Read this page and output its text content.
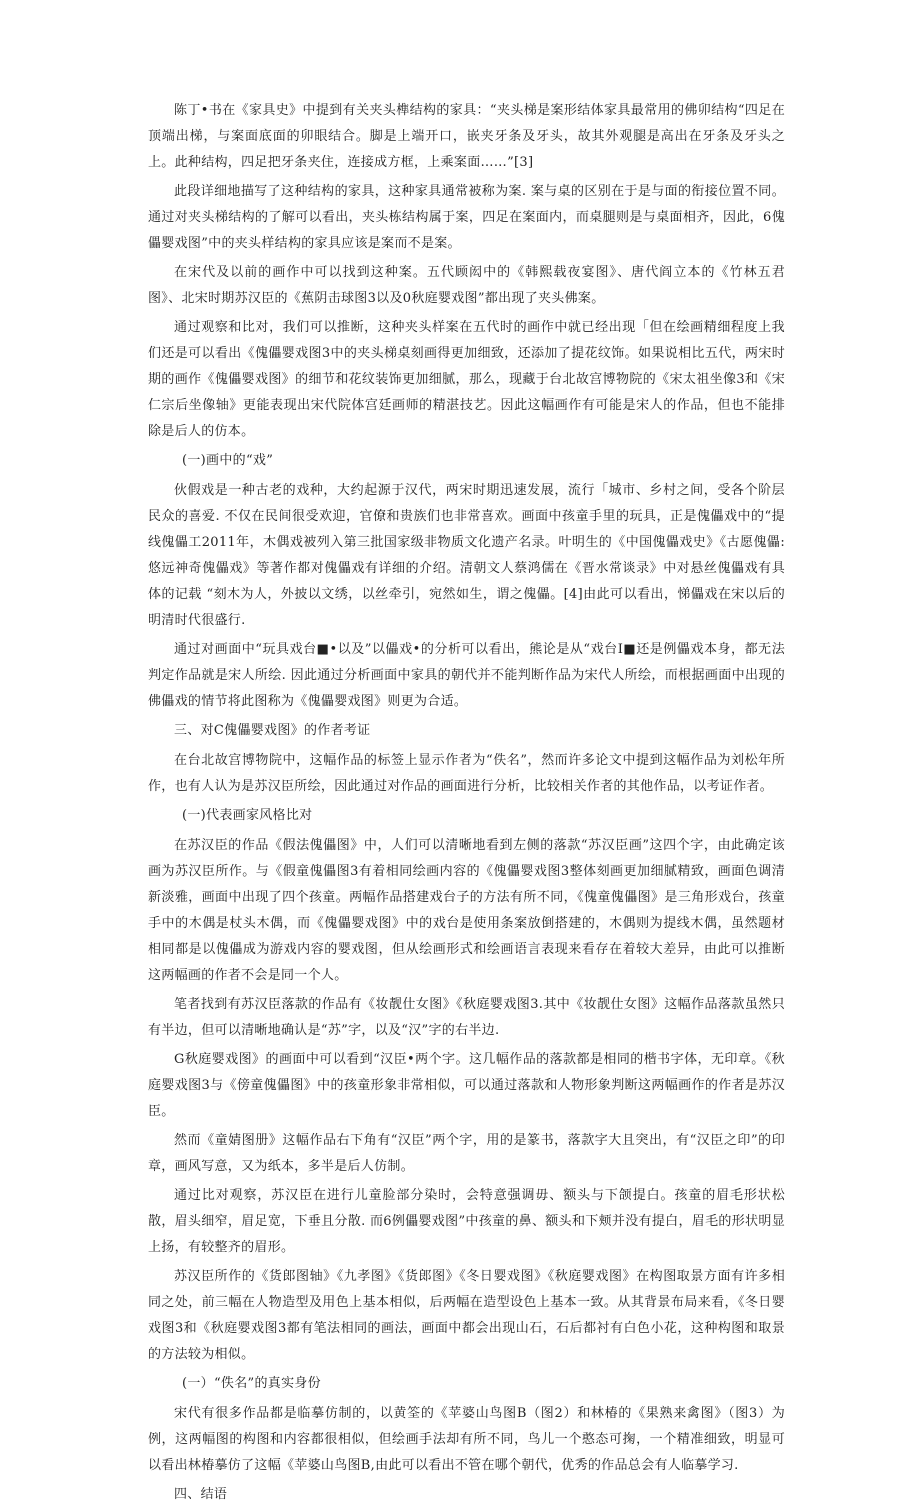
陈丁•书在《家具史》中提到有关夹头榫结构的家具：“夹头梯是案形结体家具最常用的佛卯结构“四足在顶端出梯，与案面底面的卯眼结合。脚是上端开口，嵌夹牙条及牙头，故其外观腿是高出在牙条及牙头之上。此种结构，四足把牙条夹住，连接成方框，上乘案面……”[3]

此段详细地描写了这种结构的家具，这种家具通常被称为案. 案与桌的区别在于是与面的衔接位置不同。通过对夹头梯结构的了解可以看出，夹头栋结构属于案，四足在案面内，而桌腿则是与桌面相齐，因此，6傀儡婴戏图”中的夹头样结构的家具应该是案而不是案。

在宋代及以前的画作中可以找到这种案。五代顾闳中的《韩熙载夜宴图》、唐代阎立本的《竹林五君图》、北宋时期苏汉臣的《蕉阴击球图3以及0秋庭婴戏图”都出现了夹头佛案。

通过观察和比对，我们可以推断，这种夹头样案在五代时的画作中就已经出现「但在绘画精细程度上我们还是可以看出《傀儡婴戏图3中的夹头梯桌刻画得更加细致，还添加了提花纹饰。如果说相比五代，两宋时期的画作《傀儡婴戏图》的细节和花纹装饰更加细腻，那么，现藏于台北故宫博物院的《宋太祖坐像3和《宋仁宗后坐像轴》更能表现出宋代院体宫廷画师的精湛技艺。因此这幅画作有可能是宋人的作品，但也不能排除是后人的仿本。

(一)画中的“戏”

伙假戏是一种古老的戏种，大约起源于汉代，两宋时期迅速发展，流行「城市、乡村之间，受各个阶层民众的喜爱. 不仅在民间很受欢迎，官僚和贵族们也非常喜欢。画面中孩童手里的玩具，正是傀儡戏中的“提线傀儡工2011年，木偶戏被列入第三批国家级非物质文化遗产名录。叶明生的《中国傀儡戏史》《古愿傀儡: 悠远神奇傀儡戏》等著作都对傀儡戏有详细的介绍。清朝文人蔡鸿儒在《晋水常谈录》中对悬丝傀儡戏有具体的记载 “刻木为人，外披以文绣，以丝牵引，宛然如生，谓之傀儡。[4]由此可以看出，悌儡戏在宋以后的明清时代很盛行.

通过对画面中“玩具戏台■•以及”以儡戏•的分析可以看出，熊论是从“戏台Ⅰ■还是例儡戏本身，都无法判定作品就是宋人所绘. 因此通过分析画面中家具的朝代并不能判断作品为宋代人所绘，而根据画面中出现的佛儡戏的情节将此图称为《傀儡婴戏图》则更为合适。

三、对C傀儡婴戏图》的作者考证

在台北故宫博物院中，这幅作品的标签上显示作者为“佚名”，然而许多论文中提到这幅作品为刘松年所作，也有人认为是苏汉臣所绘，因此通过对作品的画面进行分析，比较相关作者的其他作品，以考证作者。

(一)代表画家风格比对

在苏汉臣的作品《假法傀儡图》中，人们可以清晰地看到左侧的落款“苏汉臣画”这四个字，由此确定该画为苏汉臣所作。与《假童傀儡图3有着相同绘画内容的《傀儡婴戏图3整体刻画更加细腻精致，画面色调清新淡雅，画面中出现了四个孩童。两幅作品搭建戏台子的方法有所不同，《傀童傀儡图》是三角形戏台，孩童手中的木偶是杖头木偶，而《傀儡婴戏图》中的戏台是使用条案放倒搭建的，木偶则为提线木偶，虽然题材相同都是以傀儡成为游戏内容的婴戏图，但从绘画形式和绘画语言表现来看存在着较大差异，由此可以推断这两幅画的作者不会是同一个人。

笔者找到有苏汉臣落款的作品有《妆靓仕女图》《秋庭婴戏图3.其中《妆靓仕女图》这幅作品落款虽然只有半边，但可以清晰地确认是“苏”字，以及“汉”字的右半边.

G秋庭婴戏图》的画面中可以看到“汉臣•两个字。这几幅作品的落款都是相同的楷书字体，无印章。《秋庭婴戏图3与《傍童傀儡图》中的孩童形象非常相似，可以通过落款和人物形象判断这两幅画作的作者是苏汉臣。

然而《童婧图册》这幅作品右下角有“汉臣”两个字，用的是篆书，落款字大且突出，有“汉臣之印”的印章，画风写意，又为纸本，多半是后人仿制。

通过比对观察，苏汉臣在进行儿童脸部分染时，会特意强调毋、额头与下颌提白。孩童的眉毛形状松散，眉头细窄，眉足宽，下垂且分散. 而6例儡婴戏图”中孩童的鼻、额头和下颊并没有提白，眉毛的形状明显上扬，有较整齐的眉形。

苏汉臣所作的《货郎图轴》《九孝图》《货郎图》《冬日婴戏图》《秋庭婴戏图》在构图取景方面有许多相同之处，前三幅在人物造型及用色上基本相似，后两幅在造型设色上基本一致。从其背景布局来看，《冬日婴戏图3和《秋庭婴戏图3都有笔法相同的画法，画面中都会出现山石，石后都衬有白色小花，这种构图和取景的方法较为相似。

(一）“佚名”的真实身份

宋代有很多作品都是临摹仿制的，以黄筌的《苹婆山鸟图B（图2）和林椿的《果熟来禽图》（图3）为例，这两幅图的构图和内容都很相似，但绘画手法却有所不同，鸟儿一个憨态可掬，一个精准细致，明显可以看出林椿摹仿了这幅《苹婆山鸟图B,由此可以看出不管在哪个朝代，优秀的作品总会有人临摹学习.

四、结语
